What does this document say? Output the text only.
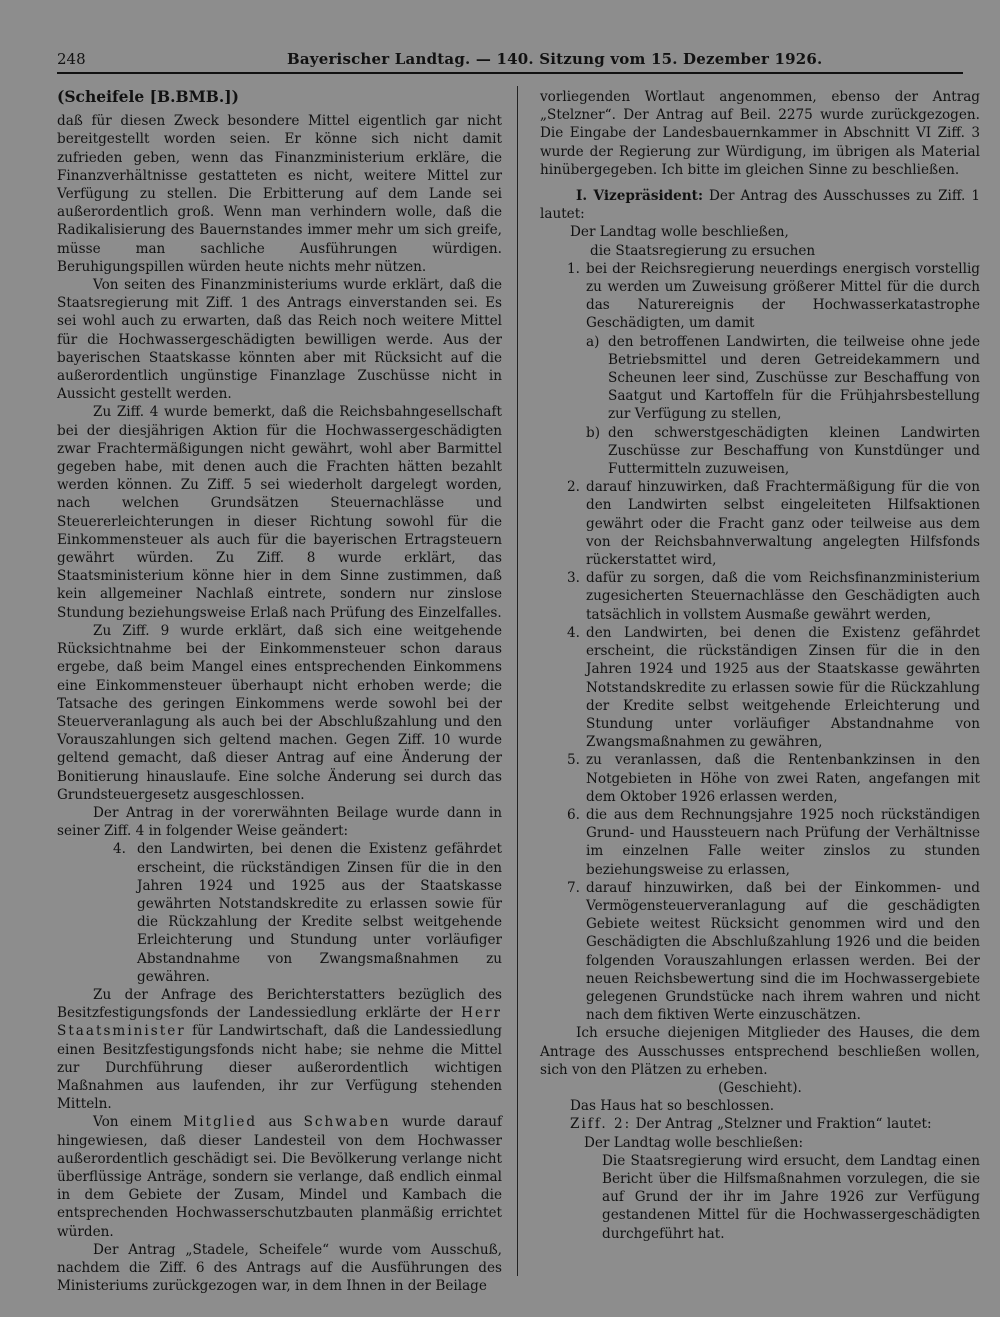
248	Bayerischer Landtag. — 140. Sitzung vom 15. Dezember 1926.

(Scheifele [B.BMB.])

daß für diesen Zweck besondere Mittel eigentlich gar nicht bereitgestellt worden seien. Er könne sich nicht damit zufrieden geben, wenn das Finanzministerium erkläre, die Finanzverhältnisse gestatteten es nicht, weitere Mittel zur Verfügung zu stellen. Die Erbitterung auf dem Lande sei außerordentlich groß. Wenn man verhindern wolle, daß die Radikalisierung des Bauernstandes immer mehr um sich greife, müsse man sachliche Ausführungen würdigen. Beruhigungspillen würden heute nichts mehr nützen.

Von seiten des Finanzministeriums wurde erklärt, daß die Staatsregierung mit Ziff. 1 des Antrags einverstanden sei. Es sei wohl auch zu erwarten, daß das Reich noch weitere Mittel für die Hochwassergeschädigten bewilligen werde. Aus der bayerischen Staatskasse könnten aber mit Rücksicht auf die außerordentlich ungünstige Finanzlage Zuschüsse nicht in Aussicht gestellt werden.

Zu Ziff. 4 wurde bemerkt, daß die Reichsbahngesellschaft bei der diesjährigen Aktion für die Hochwassergeschädigten zwar Frachtermäßigungen nicht gewährt, wohl aber Barmittel gegeben habe, mit denen auch die Frachten hätten bezahlt werden können. Zu Ziff. 5 sei wiederholt dargelegt worden, nach welchen Grundsätzen Steuernachlässe und Steuererleichterungen in dieser Richtung sowohl für die Einkommensteuer als auch für die bayerischen Ertragsteuern gewährt würden. Zu Ziff. 8 wurde erklärt, das Staatsministerium könne hier in dem Sinne zustimmen, daß kein allgemeiner Nachlaß eintrete, sondern nur zinslose Stundung beziehungsweise Erlaß nach Prüfung des Einzelfalles.

Zu Ziff. 9 wurde erklärt, daß sich eine weitgehende Rücksichtnahme bei der Einkommensteuer schon daraus ergebe, daß beim Mangel eines entsprechenden Einkommens eine Einkommensteuer überhaupt nicht erhoben werde; die Tatsache des geringen Einkommens werde sowohl bei der Steuerveranlagung als auch bei der Abschlußzahlung und den Vorauszahlungen sich geltend machen. Gegen Ziff. 10 wurde geltend gemacht, daß dieser Antrag auf eine Änderung der Bonitierung hinauslaufe. Eine solche Änderung sei durch das Grundsteuergesetz ausgeschlossen.

Der Antrag in der vorerwähnten Beilage wurde dann in seiner Ziff. 4 in folgender Weise geändert:

4. den Landwirten, bei denen die Existenz gefährdet erscheint, die rückständigen Zinsen für die in den Jahren 1924 und 1925 aus der Staatskasse gewährten Notstandskredite zu erlassen sowie für die Rückzahlung der Kredite selbst weitgehende Erleichterung und Stundung unter vorläufiger Abstandnahme von Zwangsmaßnahmen zu gewähren.

Zu der Anfrage des Berichterstatters bezüglich des Besitzfestigungsfonds der Landessiedlung erklärte der Herr Staatsminister für Landwirtschaft, daß die Landessiedlung einen Besitzfestigungsfonds nicht habe; sie nehme die Mittel zur Durchführung dieser außerordentlich wichtigen Maßnahmen aus laufenden, ihr zur Verfügung stehenden Mitteln.

Von einem Mitglied aus Schwaben wurde darauf hingewiesen, daß dieser Landesteil von dem Hochwasser außerordentlich geschädigt sei. Die Bevölkerung verlange nicht überflüssige Anträge, sondern sie verlange, daß endlich einmal in dem Gebiete der Zusam, Mindel und Kambach die entsprechenden Hochwasserschutzbauten planmäßig errichtet würden.

Der Antrag „Stadele, Scheifele“ wurde vom Ausschuß, nachdem die Ziff. 6 des Antrags auf die Ausführungen des Ministeriums zurückgezogen war, in dem Ihnen in der Beilage

vorliegenden Wortlaut angenommen, ebenso der Antrag „Stelzner“. Der Antrag auf Beil. 2275 wurde zurückgezogen. Die Eingabe der Landesbauernkammer in Abschnitt VI Ziff. 3 wurde der Regierung zur Würdigung, im übrigen als Material hinübergegeben. Ich bitte im gleichen Sinne zu beschließen.

I. Vizepräsident: Der Antrag des Ausschusses zu Ziff. 1 lautet:

Der Landtag wolle beschließen,

die Staatsregierung zu ersuchen

1. bei der Reichsregierung neuerdings energisch vorstellig zu werden um Zuweisung größerer Mittel für die durch das Naturereignis der Hochwasserkatastrophe Geschädigten, um damit
a) den betroffenen Landwirten, die teilweise ohne jede Betriebsmittel und deren Getreidekammern und Scheunen leer sind, Zuschüsse zur Beschaffung von Saatgut und Kartoffeln für die Frühjahrsbestellung zur Verfügung zu stellen,
b) den schwerstgeschädigten kleinen Landwirten Zuschüsse zur Beschaffung von Kunstdünger und Futtermitteln zuzuweisen,
2. darauf hinzuwirken, daß Frachtermäßigung für die von den Landwirten selbst eingeleiteten Hilfsaktionen gewährt oder die Fracht ganz oder teilweise aus dem von der Reichsbahnverwaltung angelegten Hilfsfonds rückerstattet wird,
3. dafür zu sorgen, daß die vom Reichsfinanzministerium zugesicherten Steuernachlässe den Geschädigten auch tatsächlich in vollstem Ausmaße gewährt werden,
4. den Landwirten, bei denen die Existenz gefährdet erscheint, die rückständigen Zinsen für die in den Jahren 1924 und 1925 aus der Staatskasse gewährten Notstandskredite zu erlassen sowie für die Rückzahlung der Kredite selbst weitgehende Erleichterung und Stundung unter vorläufiger Abstandnahme von Zwangsmaßnahmen zu gewähren,
5. zu veranlassen, daß die Rentenbankzinsen in den Notgebieten in Höhe von zwei Raten, angefangen mit dem Oktober 1926 erlassen werden,
6. die aus dem Rechnungsjahre 1925 noch rückständigen Grund- und Haussteuern nach Prüfung der Verhältnisse im einzelnen Falle weiter zinslos zu stunden beziehungsweise zu erlassen,
7. darauf hinzuwirken, daß bei der Einkommen- und Vermögensteuerveranlagung auf die geschädigten Gebiete weitest Rücksicht genommen wird und den Geschädigten die Abschlußzahlung 1926 und die beiden folgenden Vorauszahlungen erlassen werden. Bei der neuen Reichsbewertung sind die im Hochwassergebiete gelegenen Grundstücke nach ihrem wahren und nicht nach dem fiktiven Werte einzuschätzen.

Ich ersuche diejenigen Mitglieder des Hauses, die dem Antrage des Ausschusses entsprechend beschließen wollen, sich von den Plätzen zu erheben.

(Geschieht).

Das Haus hat so beschlossen.

Ziff. 2: Der Antrag „Stelzner und Fraktion“ lautet:

Der Landtag wolle beschließen:

Die Staatsregierung wird ersucht, dem Landtag einen Bericht über die Hilfsmaßnahmen vorzulegen, die sie auf Grund der ihr im Jahre 1926 zur Verfügung gestandenen Mittel für die Hochwassergeschädigten durchgeführt hat.
